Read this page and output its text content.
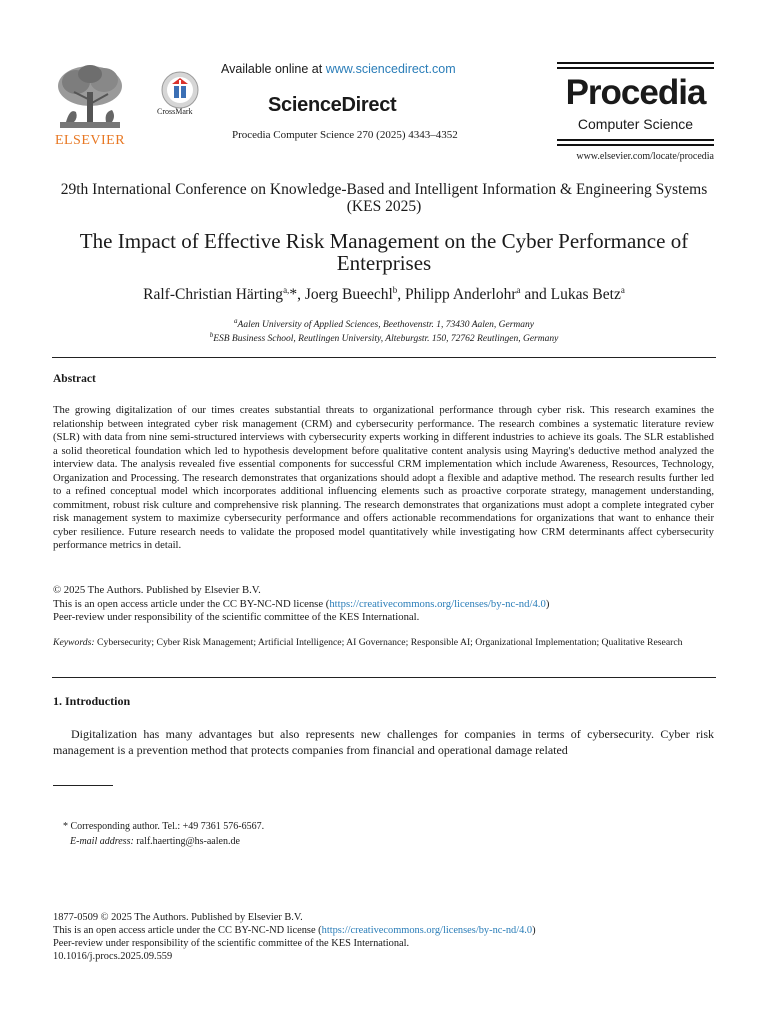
ELSEVIER
CrossMark
Available online at www.sciencedirect.com
ScienceDirect
Procedia Computer Science 270 (2025) 4343–4352
Procedia
Computer Science
www.elsevier.com/locate/procedia
29th International Conference on Knowledge-Based and Intelligent Information & Engineering Systems (KES 2025)
The Impact of Effective Risk Management on the Cyber Performance of Enterprises
Ralf-Christian Härting$^{a,}$*, Joerg Bueechl$^b$, Philipp Anderlohr$^a$ and Lukas Betz$^a$
$^a$Aalen University of Applied Sciences, Beethovenstr. 1, 73430 Aalen, Germany
$^b$ESB Business School, Reutlingen University, Alteburgstr. 150, 72762 Reutlingen, Germany
Abstract
The growing digitalization of our times creates substantial threats to organizational performance through cyber risk. This research examines the relationship between integrated cyber risk management (CRM) and cybersecurity performance. The research combines a systematic literature review (SLR) with data from nine semi-structured interviews with cybersecurity experts working in different industries to achieve its goals. The SLR established a solid theoretical foundation which led to hypothesis development before qualitative content analysis using Mayring's deductive method analyzed the interview data. The analysis revealed five essential components for successful CRM implementation which include Awareness, Resources, Technology, Organization and Processing. The research demonstrates that organizations should adopt a flexible and adaptive method. The research results further led to a refined conceptual model which incorporates additional influencing elements such as proactive corporate strategy, management understanding, commitment, robust risk culture and comprehensive risk planning. The research demonstrates that organizations must adopt a complete integrated cyber risk management system to maximize cybersecurity performance and offers actionable recommendations for organizations that want to enhance their cyber resilience. Future research needs to validate the proposed model quantitatively while investigating how CRM determinants affect cybersecurity performance metrics in detail.
© 2025 The Authors. Published by Elsevier B.V.
This is an open access article under the CC BY-NC-ND license (https://creativecommons.org/licenses/by-nc-nd/4.0)
Peer-review under responsibility of the scientific committee of the KES International.
Keywords: Cybersecurity; Cyber Risk Management; Artificial Intelligence; AI Governance; Responsible AI; Organizational Implementation; Qualitative Research
1. Introduction

Digitalization has many advantages but also represents new challenges for companies in terms of cybersecurity. Cyber risk management is a prevention method that protects companies from financial and operational damage related

* Corresponding author. Tel.: +49 7361 576-6567.
E-mail address: ralf.haerting@hs-aalen.de
1877-0509 © 2025 The Authors. Published by Elsevier B.V.
This is an open access article under the CC BY-NC-ND license (https://creativecommons.org/licenses/by-nc-nd/4.0)
Peer-review under responsibility of the scientific committee of the KES International.
10.1016/j.procs.2025.09.559
